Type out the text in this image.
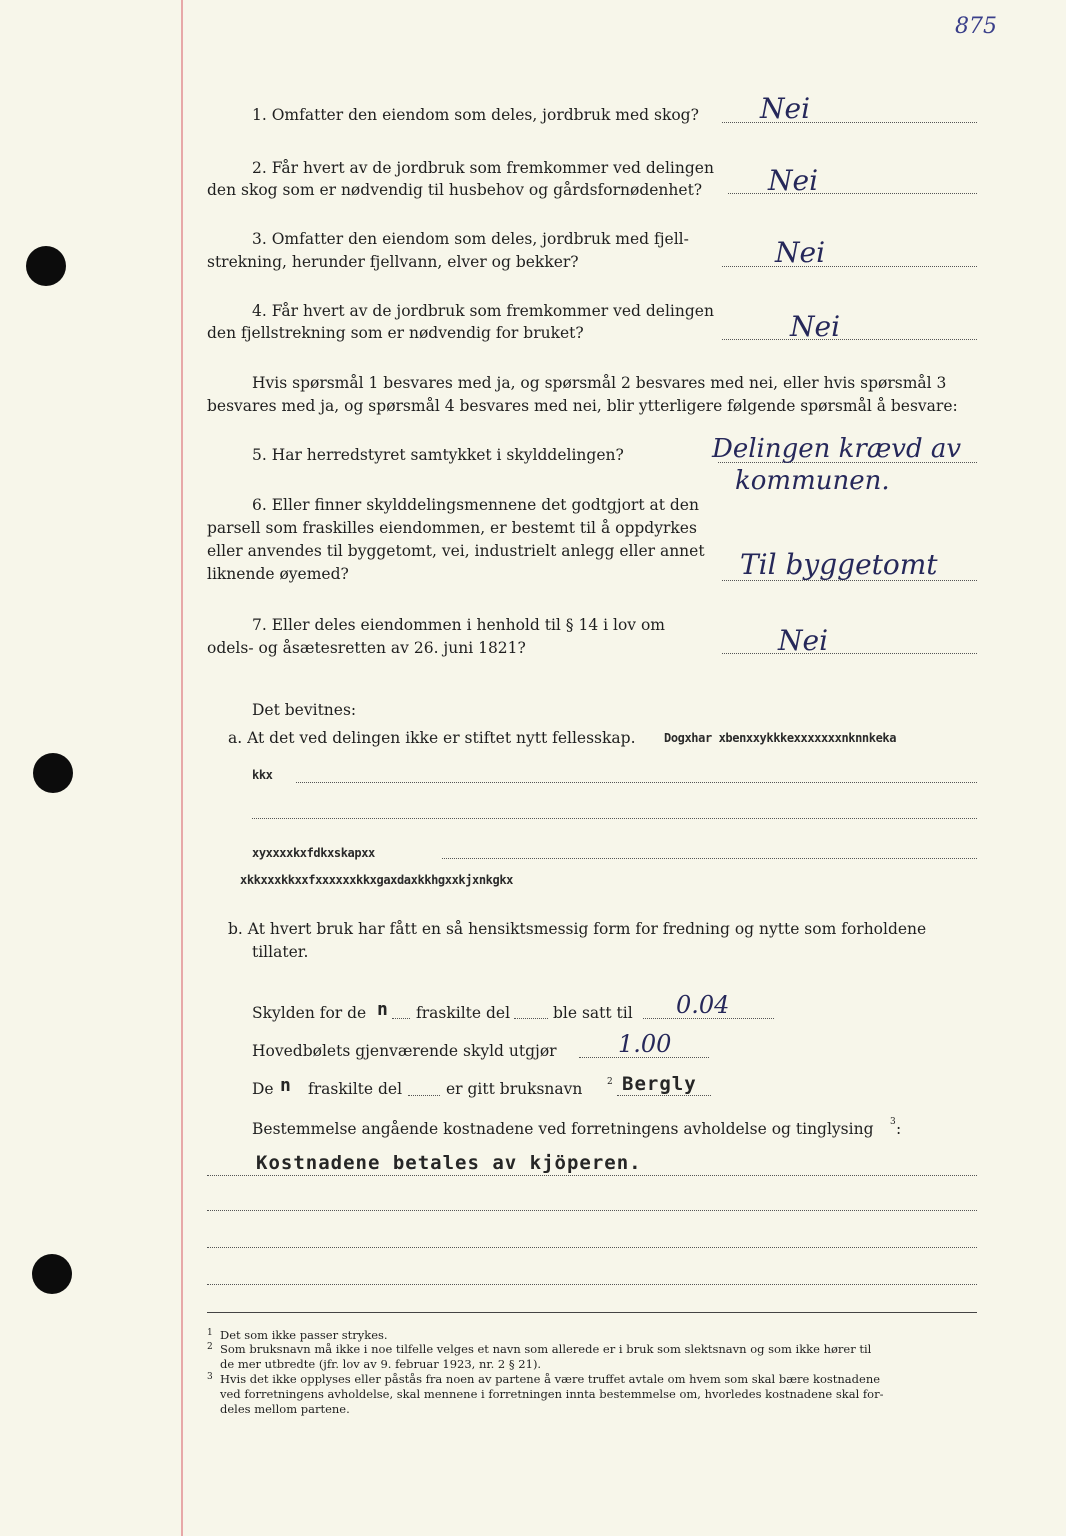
875
1. Omfatter den eiendom som deles, jordbruk med skog? Nei
2. Får hvert av de jordbruk som fremkommer ved delingen
den skog som er nødvendig til husbehov og gårdsfornødenhet? Nei
3. Omfatter den eiendom som deles, jordbruk med fjell-
strekning, herunder fjellvann, elver og bekker?	Nei
4. Får hvert av de jordbruk som fremkommer ved delingen
den fjellstrekning som er nødvendig for bruket?	Nei
Hvis spørsmål 1 besvares med ja, og spørsmål 2 besvares med nei, eller hvis spørsmål 3
besvares med ja, og spørsmål 4 besvares med nei, blir ytterligere følgende spørsmål å besvare:
5. Har herredstyret samtykket i skylddelingen?	Delingen krævd av
kommunen.
6. Eller finner skylddelingsmennene det godtgjort at den
parsell som fraskilles eiendommen, er bestemt til å oppdyrkes
eller anvendes til byggetomt, vei, industrielt anlegg eller annet
liknende øyemed?	Til byggetomt
7. Eller deles eiendommen i henhold til § 14 i lov om
odels- og åsætesretten av 26. juni 1821?	Nei
Det bevitnes:
a. At det ved delingen ikke er stiftet nytt fellesskap. Dogxhar xbenxxykkkexxxxxxxnknnkeka
kkx
xyxxxxkxfdkxskapxx
xkkxxxkkxxfxxxxxxkkxgaxdaxkkhgxxkjxnkgkx
b. At hvert bruk har fått en så hensiktsmessig form for fredning og nytte som forholdene
tillater.
Skylden for de n fraskilte del	ble satt til 0.04
Hovedbølets gjenværende skyld utgjør	1.00
De n fraskilte del	er gitt bruksnavn	2 Bergly
Bestemmelse angående kostnadene ved forretningens avholdelse og tinglysing 3 :
Kostnadene betales av kjöperen.
1 Det som ikke passer strykes.
2 Som bruksnavn må ikke i noe tilfelle velges et navn som allerede er i bruk som slektsnavn og som ikke hører til
de mer utbredte (jfr. lov av 9. februar 1923, nr. 2 § 21).
3 Hvis det ikke opplyses eller påstås fra noen av partene å være truffet avtale om hvem som skal bære kostnadene
ved forretningens avholdelse, skal mennene i forretningen innta bestemmelse om, hvorledes kostnadene skal for-
deles mellom partene.
